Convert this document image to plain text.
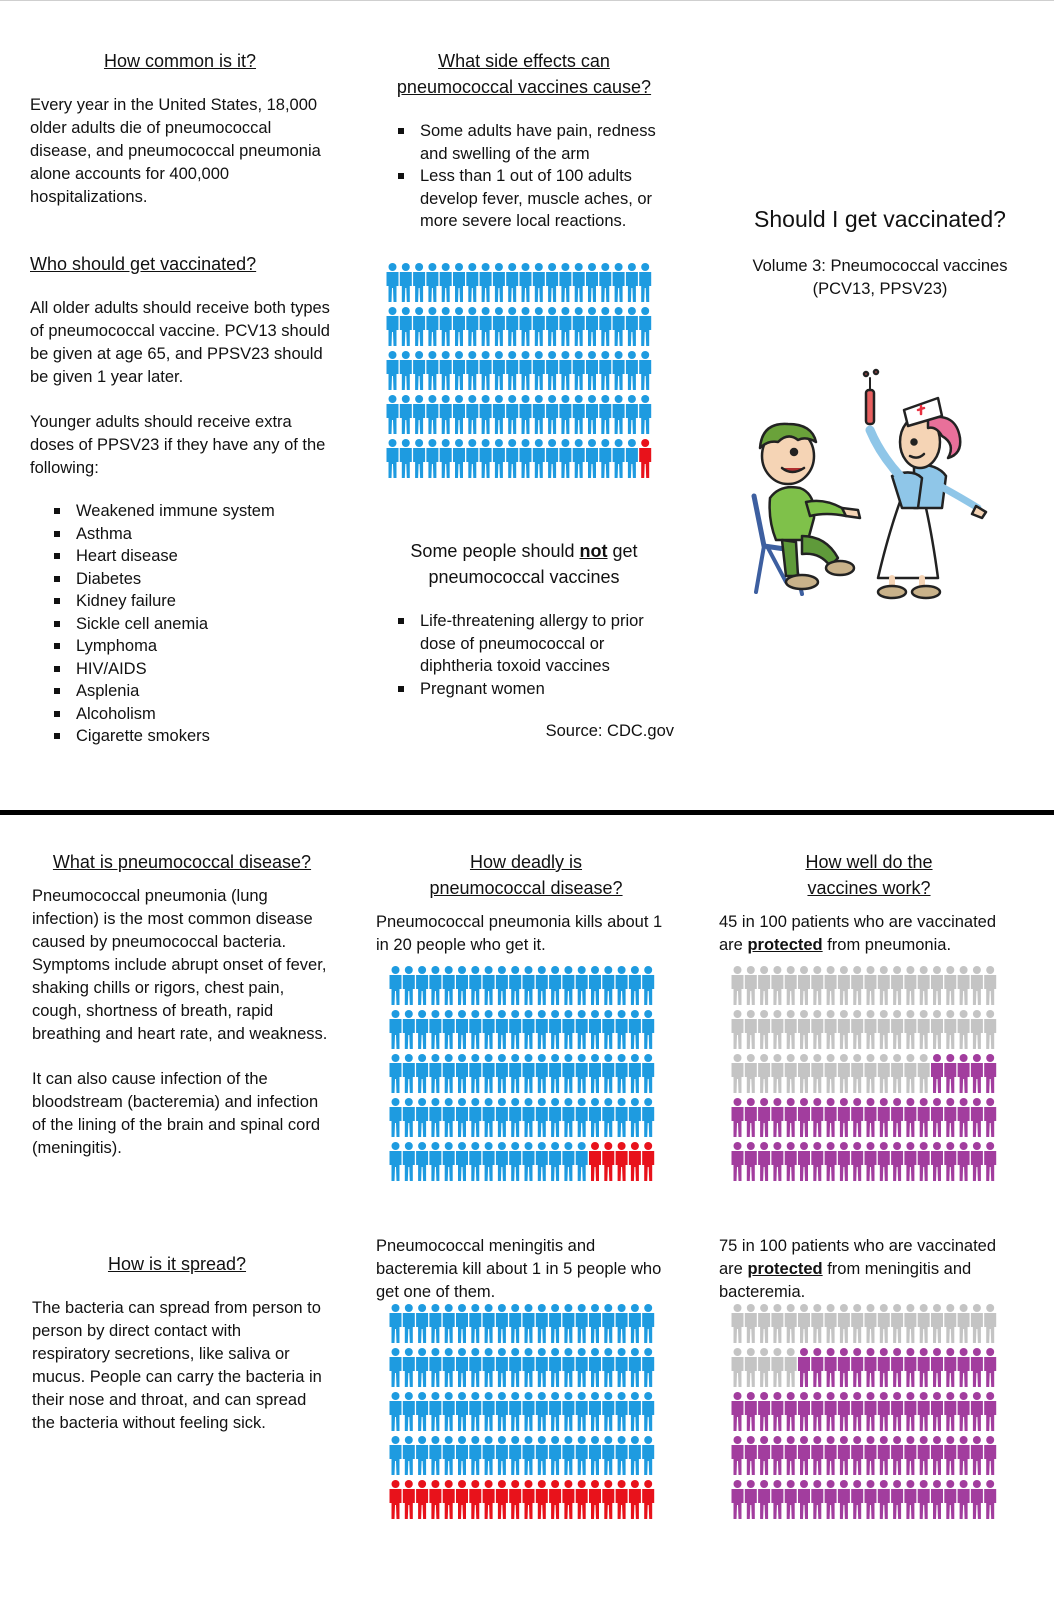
How common is it?

Every year in the United States, 18,000 older adults die of pneumococcal disease, and pneumococcal pneumonia alone accounts for 400,000 hospitalizations.

Who should get vaccinated?

All older adults should receive both types of pneumococcal vaccine. PCV13 should be given at age 65, and PPSV23 should be given 1 year later.

Younger adults should receive extra doses of PPSV23 if they have any of the following:

Weakened immune system
Asthma
Heart disease
Diabetes
Kidney failure
Sickle cell anemia
Lymphoma
HIV/AIDS
Asplenia
Alcoholism
Cigarette smokers
What side effects can pneumococcal vaccines cause?
Some adults have pain, redness and swelling of the arm
Less than 1 out of 100 adults develop fever, muscle aches, or more severe local reactions.

Some people should not get pneumococcal vaccines

Life-threatening allergy to prior dose of pneumococcal or diphtheria toxoid vaccines
Pregnant women

Source: CDC.gov

Should I get vaccinated?
Volume 3: Pneumococcal vaccines
(PCV13, PPSV23)
What is pneumococcal disease?

Pneumococcal pneumonia (lung infection) is the most common disease caused by pneumococcal bacteria. Symptoms include abrupt onset of fever, shaking chills or rigors, chest pain, cough, shortness of breath, rapid breathing and heart rate, and weakness.

It can also cause infection of the bloodstream (bacteremia) and infection of the lining of the brain and spinal cord (meningitis).

How is it spread?

The bacteria can spread from person to person by direct contact with respiratory secretions, like saliva or mucus. People can carry the bacteria in their nose and throat, and can spread the bacteria without feeling sick.

How deadly is pneumococcal disease?

Pneumococcal pneumonia kills about 1 in 20 people who get it.

Pneumococcal meningitis and bacteremia kill about 1 in 5 people who get one of them.

How well do the vaccines work?

45 in 100 patients who are vaccinated are protected from pneumonia.

75 in 100 patients who are vaccinated are protected from meningitis and bacteremia.
